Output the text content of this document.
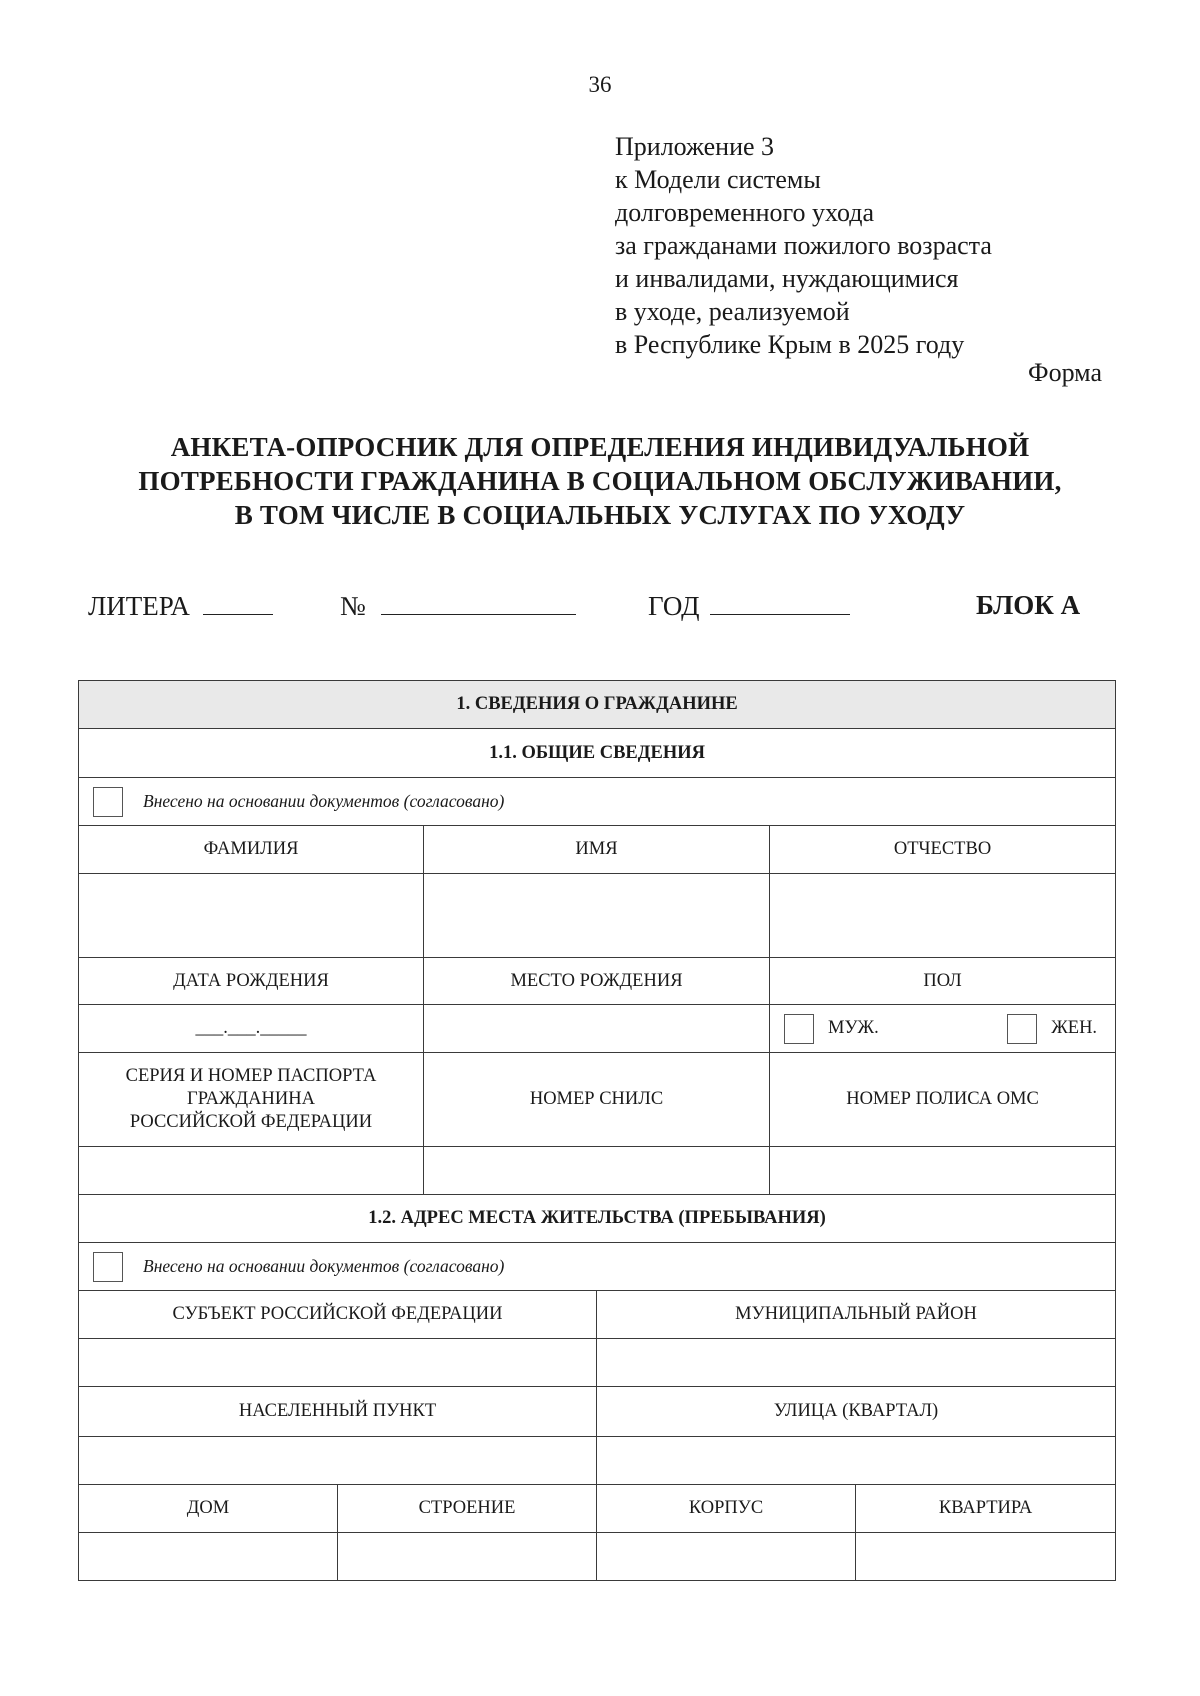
36
Приложение 3
к Модели системы
долговременного ухода
за гражданами пожилого возраста
и инвалидами, нуждающимися
в уходе, реализуемой
в Республике Крым в 2025 году
Форма
АНКЕТА-ОПРОСНИК ДЛЯ ОПРЕДЕЛЕНИЯ ИНДИВИДУАЛЬНОЙ
ПОТРЕБНОСТИ ГРАЖДАНИНА В СОЦИАЛЬНОМ ОБСЛУЖИВАНИИ,
В ТОМ ЧИСЛЕ В СОЦИАЛЬНЫХ УСЛУГАХ ПО УХОДУ
ЛИТЕРА	№	ГОД	БЛОК А
1. СВЕДЕНИЯ О ГРАЖДАНИНЕ					
1.1. ОБЩИЕ СВЕДЕНИЯ					

Внесено на основании документов (согласовано)					

ФАМИЛИЯ		ИМЯ		ОТЧЕСТВО	

ДАТА РОЖДЕНИЯ		МЕСТО РОЖДЕНИЯ		ПОЛ	
___.___._____				МУЖ. ЖЕН.	

СЕРИЯ И НОМЕР ПАСПОРТА
ГРАЖДАНИНА
РОССИЙСКОЙ ФЕДЕРАЦИИ		НОМЕР СНИЛС		НОМЕР ПОЛИСА ОМС	

1.2. АДРЕС МЕСТА ЖИТЕЛЬСТВА (ПРЕБЫВАНИЯ)					

Внесено на основании документов (согласовано)					

СУБЪЕКТ РОССИЙСКОЙ ФЕДЕРАЦИИ			МУНИЦИПАЛЬНЫЙ РАЙОН		

НАСЕЛЕННЫЙ ПУНКТ			УЛИЦА (КВАРТАЛ)		

ДОМ	СТРОЕНИЕ		КОРПУС		КВАРТИРА
